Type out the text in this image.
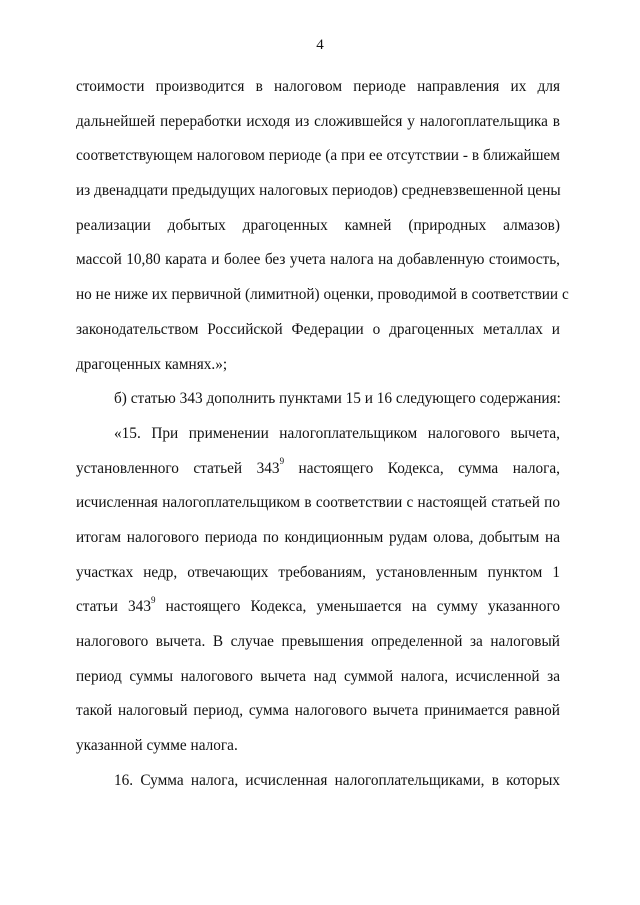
4
стоимости производится в налоговом периоде направления их для
дальнейшей переработки исходя из сложившейся у налогоплательщика в
соответствующем налоговом периоде (а при ее отсутствии - в ближайшем
из двенадцати предыдущих налоговых периодов) средневзвешенной цены
реализации добытых драгоценных камней (природных алмазов)
массой 10,80 карата и более без учета налога на добавленную стоимость,
но не ниже их первичной (лимитной) оценки, проводимой в соответствии с
законодательством Российской Федерации о драгоценных металлах и
драгоценных камнях.»;
б) статью 343 дополнить пунктами 15 и 16 следующего содержания:
«15. При применении налогоплательщиком налогового вычета,
установленного статьей $343^9$ настоящего Кодекса, сумма налога,
исчисленная налогоплательщиком в соответствии с настоящей статьей по
итогам налогового периода по кондиционным рудам олова, добытым на
участках недр, отвечающих требованиям, установленным пунктом 1
статьи $343^9$ настоящего Кодекса, уменьшается на сумму указанного
налогового вычета. В случае превышения определенной за налоговый
период суммы налогового вычета над суммой налога, исчисленной за
такой налоговый период, сумма налогового вычета принимается равной
указанной сумме налога.
16. Сумма налога, исчисленная налогоплательщиками, в которых
